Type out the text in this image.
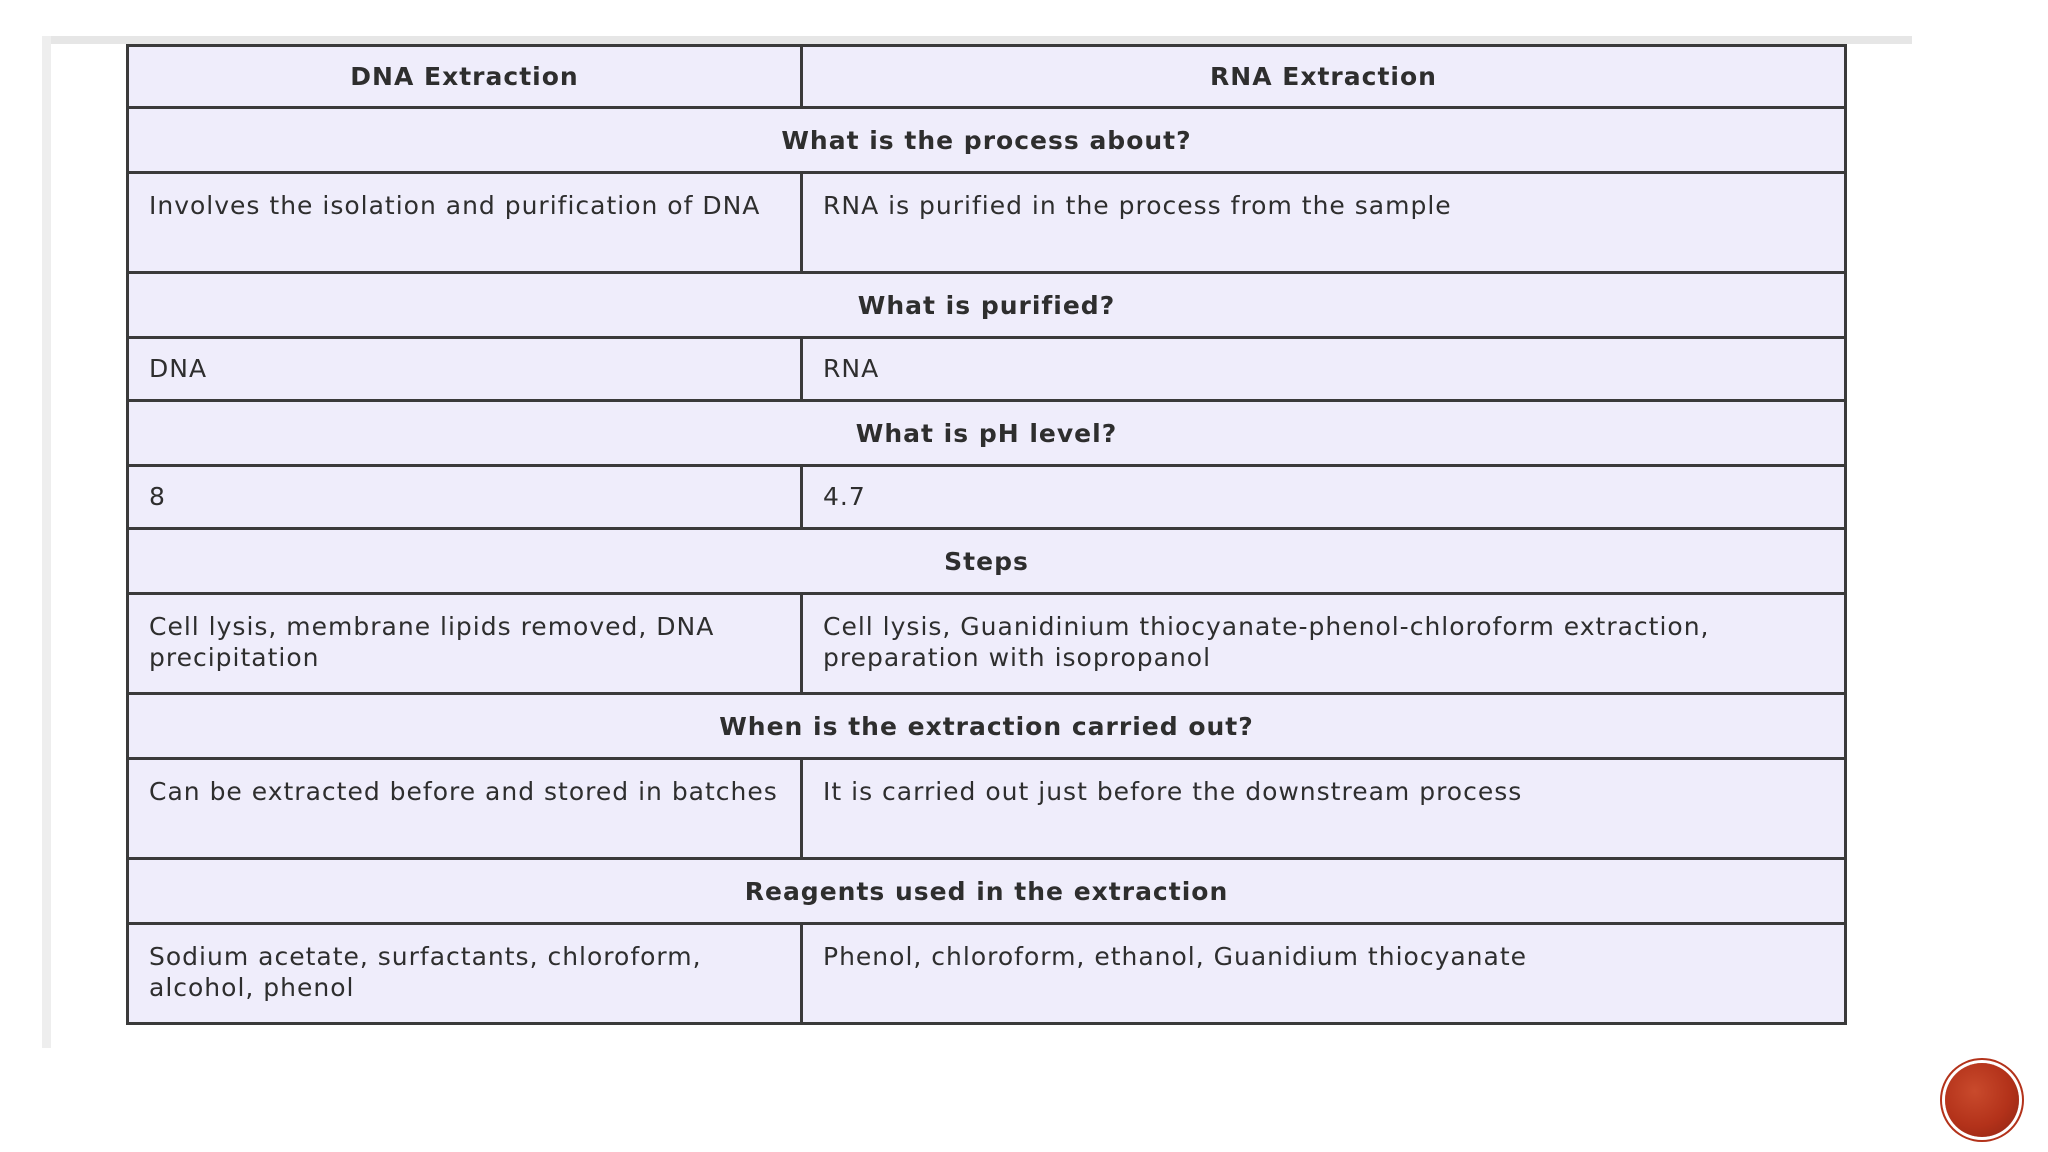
DNA Extraction	RNA Extraction
What is the process about?	
Involves the isolation and purification of DNA	RNA is purified in the process from the sample
What is purified?	
DNA	RNA
What is pH level?	
8	4.7
Steps	
Cell lysis, membrane lipids removed, DNA precipitation	Cell lysis, Guanidinium thiocyanate-phenol-chloroform extraction, preparation with isopropanol
When is the extraction carried out?	
Can be extracted before and stored in batches	It is carried out just before the downstream process
Reagents used in the extraction	
Sodium acetate, surfactants, chloroform, alcohol, phenol	Phenol, chloroform, ethanol, Guanidium thiocyanate
